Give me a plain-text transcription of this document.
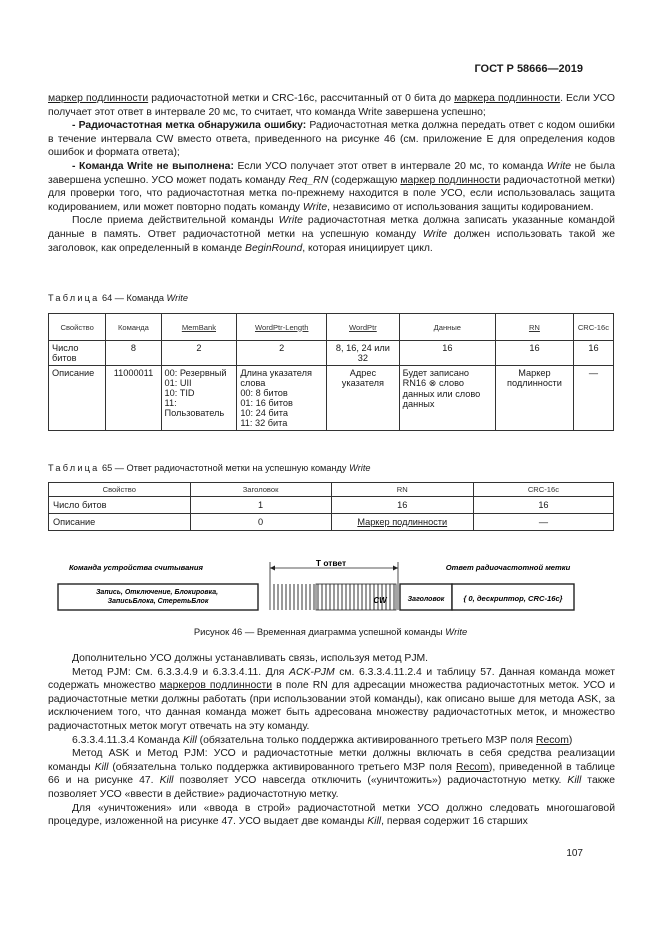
ГОСТ Р 58666—2019

маркер подлинности радиочастотной метки и CRC-16c, рассчитанный от 0 бита до маркера подлинности. Если УСО получает этот ответ в интервале 20 мс, то считает, что команда Write завершена успешно;

- Радиочастотная метка обнаружила ошибку: Радиочастотная метка должна передать ответ с кодом ошибки в течение интервала CW вместо ответа, приведенного на рисунке 46 (см. приложение Е для определения кодов ошибок и формата ответа);

- Команда Write не выполнена: Если УСО получает этот ответ в интервале 20 мс, то команда Write не была завершена успешно. УСО может подать команду Req_RN (содержащую маркер подлинности радиочастотной метки) для проверки того, что радиочастотная метка по-прежнему находится в поле УСО, если использовалась защита кодированием, или может повторно подать команду Write, независимо от использования защиты кодированием.

После приема действительной команды Write радиочастотная метка должна записать указанные командой данные в память. Ответ радиочастотной метки на успешную команду Write должен использовать такой же заголовок, как определенный в команде BeginRound, которая инициирует цикл.

Таблица 64 — Команда Write
Свойство	Команда	MemBank	WordPtr-Length	WordPtr	Данные	RN	CRC-16c
Число битов	8	2	2	8, 16, 24 или 32	16	16	16
Описание	11000011	00: Резервный
01: UII
10: TID
11: Пользователь	Длина указателя слова
00: 8 битов
01: 16 битов
10: 24 бита
11: 32 бита	Адрес указателя	Будет записано RN16 ⊗ слово данных или слово данных	Маркер подлинности	—
Таблица 65 — Ответ радиочастотной метки на успешную команду Write
Свойство	Заголовок	RN	CRC-16c
Число битов	1	16	16
Описание	0	Маркер подлинности	—
Команда устройства считывания	T ответ	Ответ радиочастотной метки
Запись, Отключение, Блокировка, ЗаписьБлока, СтеретьБлок	CW	Заголовок	{ 0, дескриптор, CRC-16c}
Рисунок 46 — Временная диаграмма успешной команды Write

Дополнительно УСО должны устанавливать связь, используя метод PJM.

Метод PJM: См. 6.3.3.4.9 и 6.3.3.4.11. Для ACK-PJM см. 6.3.3.4.11.2.4 и таблицу 57. Данная команда может содержать множество маркеров подлинности в поле RN для адресации множества радиочастотных меток. УСО и радиочастотные метки должны работать (при использовании этой команды), как описано выше для метода ASK, за исключением того, что данная команда может быть адресована множеству радиочастотных меток, и множество радиочастотных меток могут отвечать на эту команду.

6.3.3.4.11.3.4 Команда Kill (обязательна только поддержка активированного третьего МЗР поля Recom)

Метод ASK и Метод PJM: УСО и радиочастотные метки должны включать в себя средства реализации команды Kill (обязательна только поддержка активированного третьего МЗР поля Recom), приведенной в таблице 66 и на рисунке 47. Kill позволяет УСО навсегда отключить («уничтожить») радиочастотную метку. Kill также позволяет УСО «ввести в действие» радиочастотную метку.

Для «уничтожения» или «ввода в строй» радиочастотной метки УСО должно следовать многошаговой процедуре, изложенной на рисунке 47. УСО выдает две команды Kill, первая содержит 16 старших

107
